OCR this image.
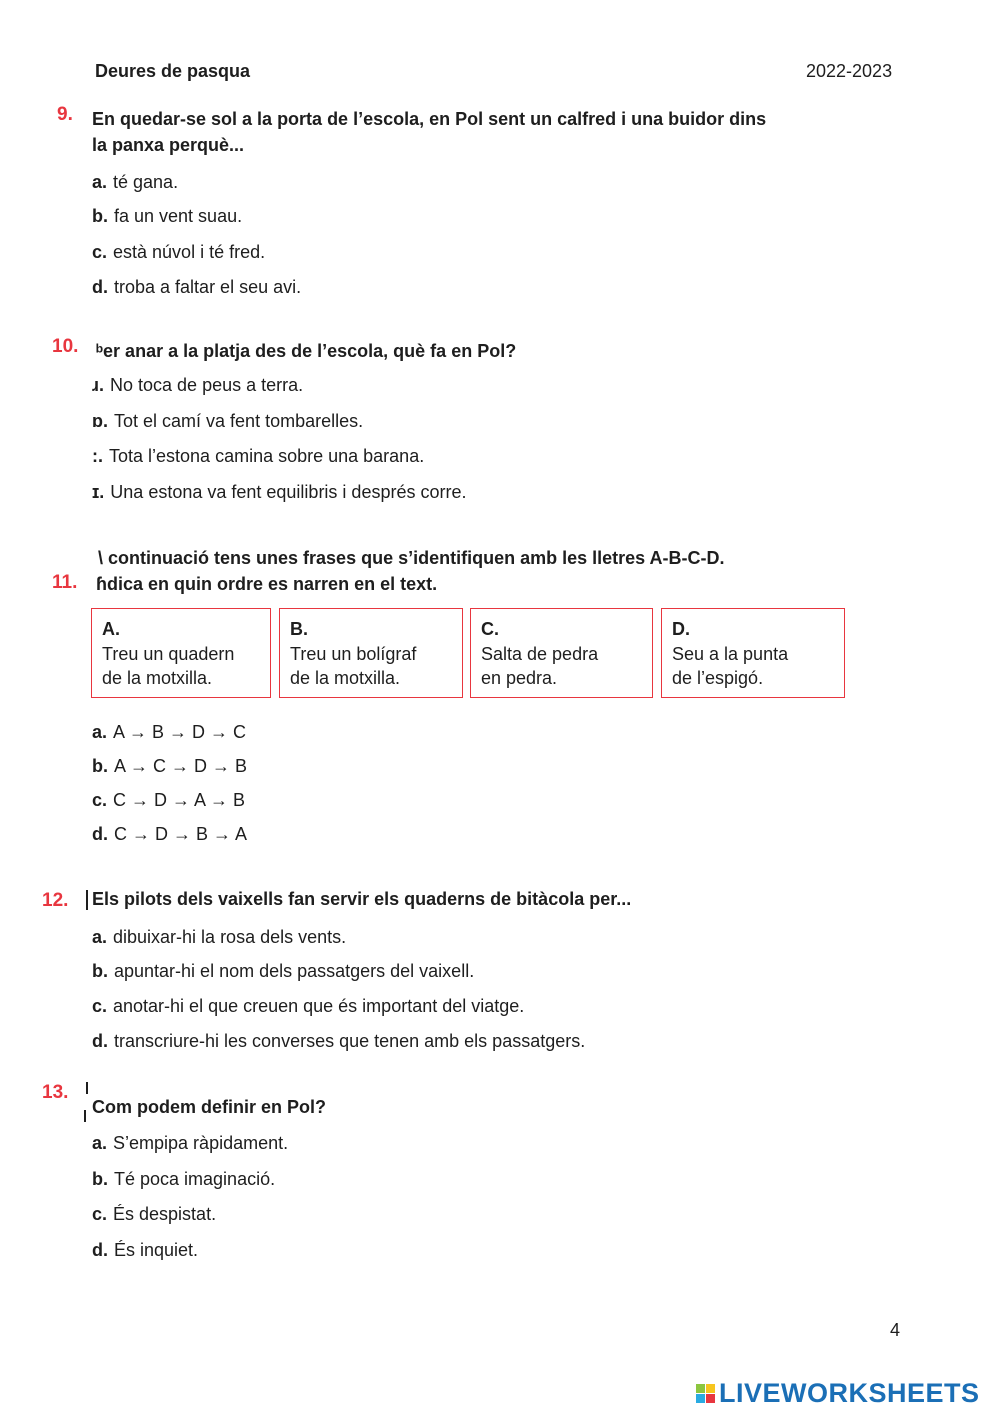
Deures de pasqua	2022-2023
9. En quedar-se sol a la porta de l’escola, en Pol sent un calfred i una buidor dins
la panxa perquè...
a. té gana.
b. fa un vent suau.
c. està núvol i té fred.
d. troba a faltar el seu avi.
10. ᵇer anar a la platja des de l’escola, què fa en Pol?
ɹ. No toca de peus a terra.
ɒ. Tot el camí va fent tombarelles.
:. Tota l’estona camina sobre una barana.
ɪ. Una estona va fent equilibris i després corre.
\ continuació tens unes frases que s’identifiquen amb les lletres A-B-C-D.
11. ɦdica en quin ordre es narren en el text.
A.
Treu un quadern
de la motxilla.
B.
Treu un bolígraf
de la motxilla.
C.
Salta de pedra
en pedra.
D.
Seu a la punta
de l’espigó.
a. A → B → D → C
b. A → C → D → B
c. C → D → A → B
d. C → D → B → A
12. Els pilots dels vaixells fan servir els quaderns de bitàcola per...
a. dibuixar-hi la rosa dels vents.
b. apuntar-hi el nom dels passatgers del vaixell.
c. anotar-hi el que creuen que és important del viatge.
d. transcriure-hi les converses que tenen amb els passatgers.
13.
Com podem definir en Pol?
a. S’empipa ràpidament.
b. Té poca imaginació.
c. És despistat.
d. És inquiet.
4
LIVEWORKSHEETS
